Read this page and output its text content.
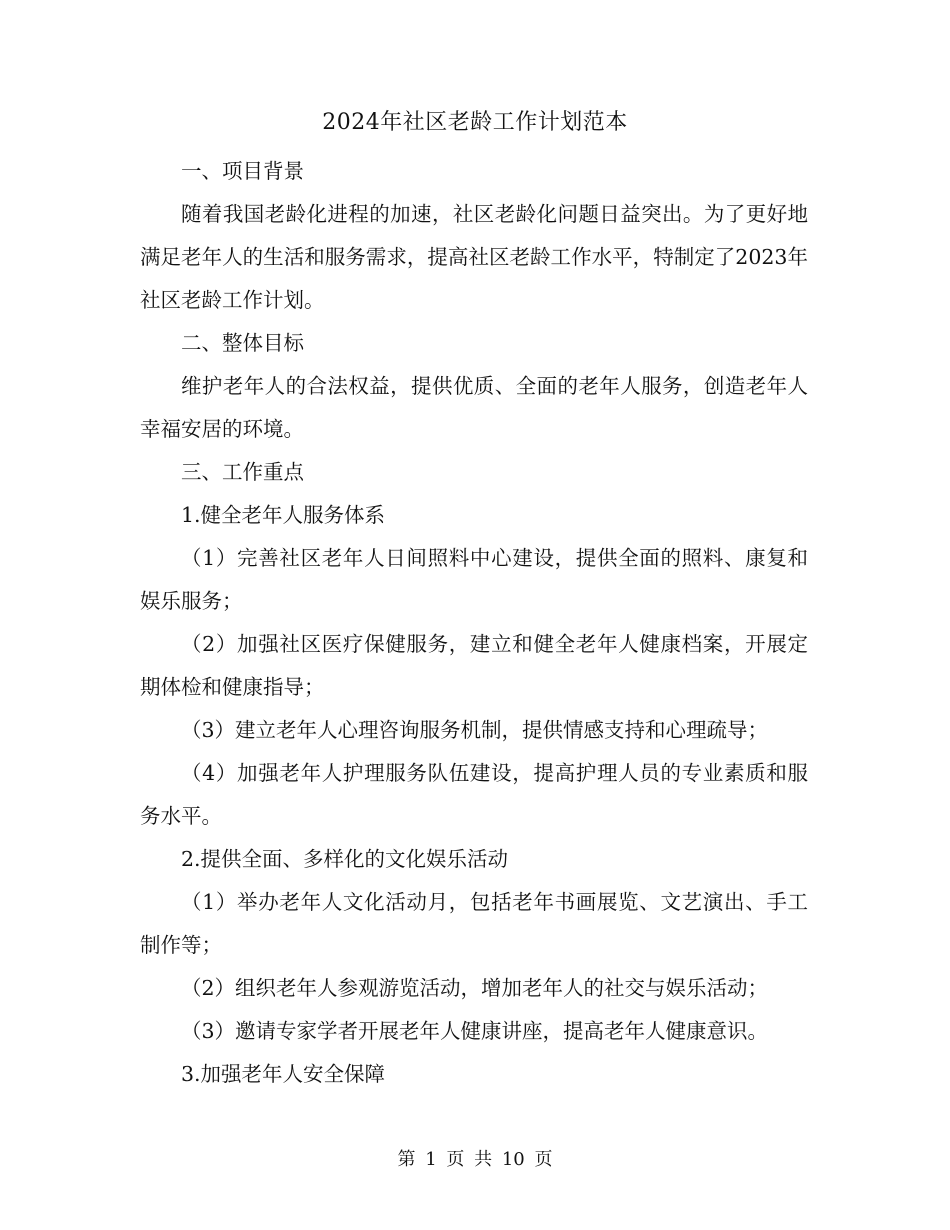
2024年社区老龄工作计划范本

一、项目背景

随着我国老龄化进程的加速，社区老龄化问题日益突出。为了更好地满足老年人的生活和服务需求，提高社区老龄工作水平，特制定了2023年社区老龄工作计划。

二、整体目标

维护老年人的合法权益，提供优质、全面的老年人服务，创造老年人幸福安居的环境。

三、工作重点

1.健全老年人服务体系

（1）完善社区老年人日间照料中心建设，提供全面的照料、康复和娱乐服务；

（2）加强社区医疗保健服务，建立和健全老年人健康档案，开展定期体检和健康指导；

（3）建立老年人心理咨询服务机制，提供情感支持和心理疏导；

（4）加强老年人护理服务队伍建设，提高护理人员的专业素质和服务水平。

2.提供全面、多样化的文化娱乐活动

（1）举办老年人文化活动月，包括老年书画展览、文艺演出、手工制作等；

（2）组织老年人参观游览活动，增加老年人的社交与娱乐活动；

（3）邀请专家学者开展老年人健康讲座，提高老年人健康意识。

3.加强老年人安全保障

第 1 页 共 10 页
